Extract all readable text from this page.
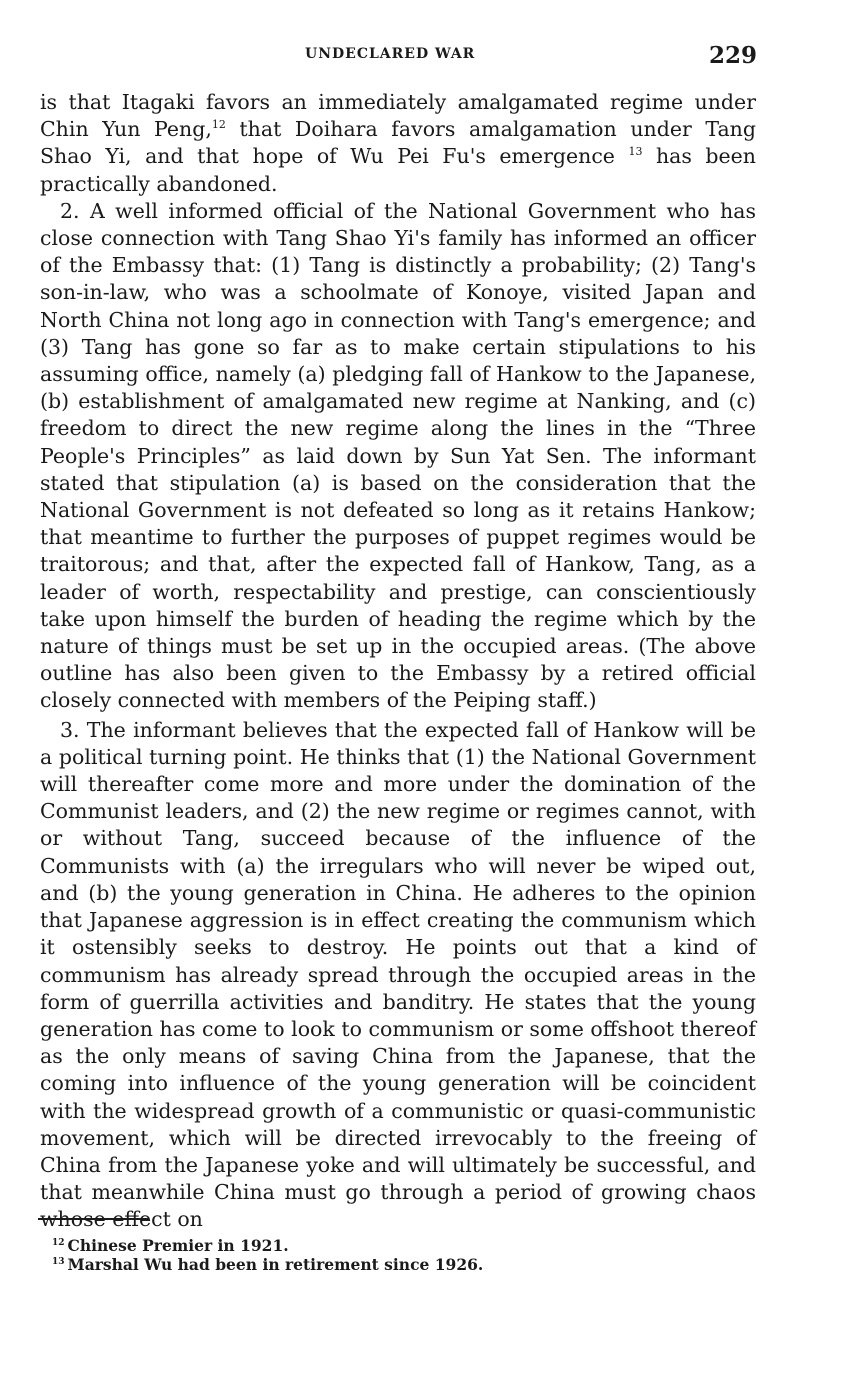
UNDECLARED WAR	229

is that Itagaki favors an immediately amalgamated regime under Chin Yun Peng,$^{12}$ that Doihara favors amalgamation under Tang Shao Yi, and that hope of Wu Pei Fu's emergence $^{13}$ has been practically abandoned.

2. A well informed official of the National Government who has close connection with Tang Shao Yi's family has informed an officer of the Embassy that: (1) Tang is distinctly a probability; (2) Tang's son-in-law, who was a schoolmate of Konoye, visited Japan and North China not long ago in connection with Tang's emergence; and (3) Tang has gone so far as to make certain stipulations to his assuming office, namely (a) pledging fall of Hankow to the Japanese, (b) establishment of amalgamated new regime at Nanking, and (c) freedom to direct the new regime along the lines in the “Three People's Principles” as laid down by Sun Yat Sen. The informant stated that stipulation (a) is based on the consideration that the National Government is not defeated so long as it retains Hankow; that meantime to further the purposes of puppet regimes would be traitorous; and that, after the expected fall of Hankow, Tang, as a leader of worth, respectability and prestige, can conscientiously take upon himself the burden of heading the regime which by the nature of things must be set up in the occupied areas. (The above outline has also been given to the Embassy by a retired official closely connected with members of the Peiping staff.)

3. The informant believes that the expected fall of Hankow will be a political turning point. He thinks that (1) the National Government will thereafter come more and more under the domination of the Communist leaders, and (2) the new regime or regimes cannot, with or without Tang, succeed because of the influence of the Communists with (a) the irregulars who will never be wiped out, and (b) the young generation in China. He adheres to the opinion that Japanese aggression is in effect creating the communism which it ostensibly seeks to destroy. He points out that a kind of communism has already spread through the occupied areas in the form of guerrilla activities and banditry. He states that the young generation has come to look to communism or some offshoot thereof as the only means of saving China from the Japanese, that the coming into influence of the young generation will be coincident with the widespread growth of a communistic or quasi-communistic movement, which will be directed irrevocably to the freeing of China from the Japanese yoke and will ultimately be successful, and that meanwhile China must go through a period of growing chaos whose effect on

$^{12}$ Chinese Premier in 1921.
$^{13}$ Marshal Wu had been in retirement since 1926.
